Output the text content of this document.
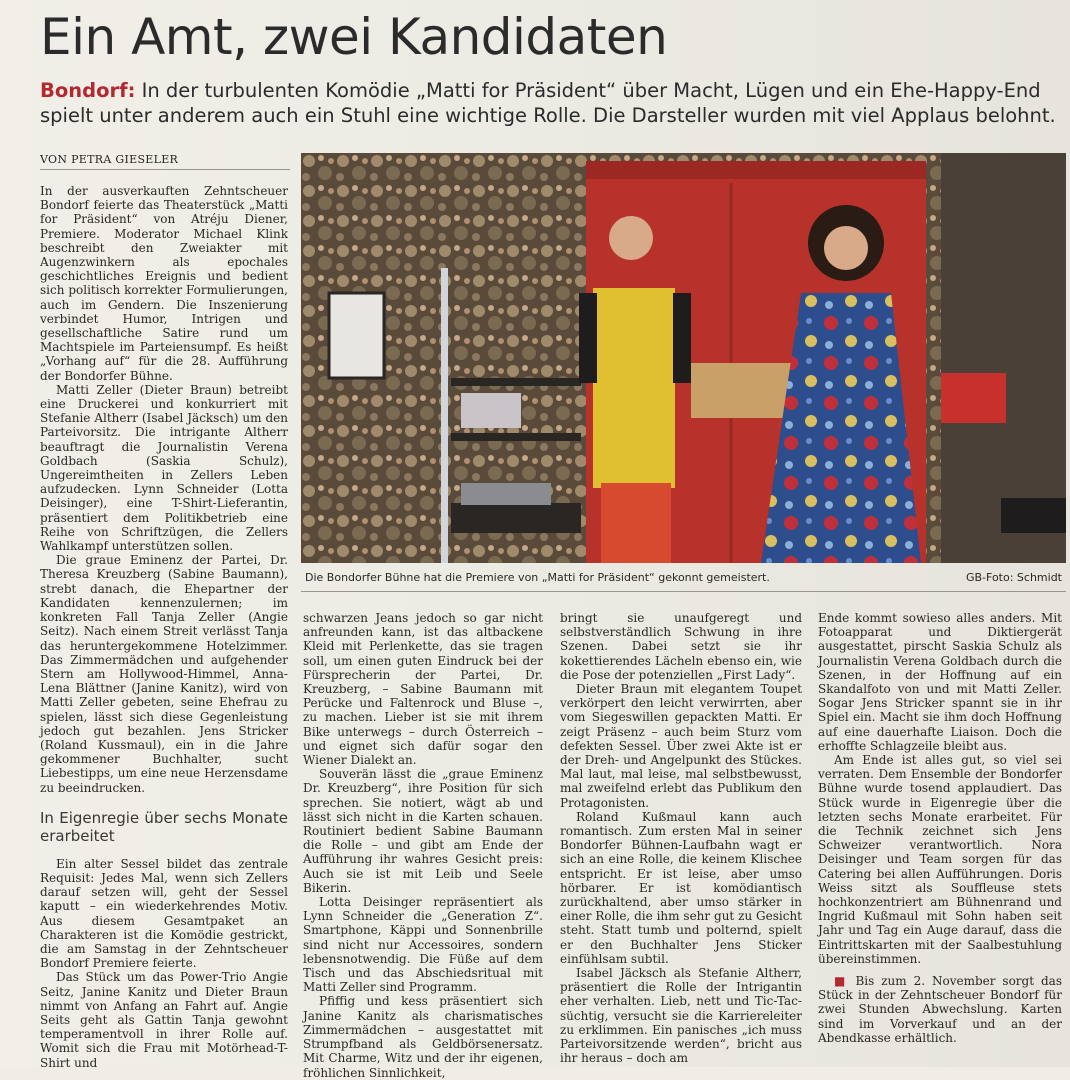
Ein Amt, zwei Kandidaten

Bondorf: In der turbulenten Komödie „Matti for Präsident“ über Macht, Lügen und ein Ehe-Happy-End spielt unter anderem auch ein Stuhl eine wichtige Rolle. Die Darsteller wurden mit viel Applaus belohnt.

VON PETRA GIESELER

In der ausverkauften Zehntscheuer Bondorf feierte das Theaterstück „Matti for Präsident“ von Atréju Diener, Premiere. Moderator Michael Klink beschreibt den Zweiakter mit Augenzwinkern als epochales geschichtliches Ereignis und bedient sich politisch korrekter Formulierungen, auch im Gendern. Die Inszenierung verbindet Humor, Intrigen und gesellschaftliche Satire rund um Machtspiele im Parteiensumpf. Es heißt „Vorhang auf“ für die 28. Aufführung der Bondorfer Bühne.

Matti Zeller (Dieter Braun) betreibt eine Druckerei und konkurriert mit Stefanie Altherr (Isabel Jäcksch) um den Parteivorsitz. Die intrigante Altherr beauftragt die Journalistin Verena Goldbach (Saskia Schulz), Ungereimtheiten in Zellers Leben aufzudecken. Lynn Schneider (Lotta Deisinger), eine T-Shirt-Lieferantin, präsentiert dem Politikbetrieb eine Reihe von Schriftzügen, die Zellers Wahlkampf unterstützen sollen.

Die graue Eminenz der Partei, Dr. Theresa Kreuzberg (Sabine Baumann), strebt danach, die Ehepartner der Kandidaten kennenzulernen; im konkreten Fall Tanja Zeller (Angie Seitz). Nach einem Streit verlässt Tanja das heruntergekommene Hotelzimmer. Das Zimmermädchen und aufgehender Stern am Hollywood-Himmel, Anna-Lena Blättner (Janine Kanitz), wird von Matti Zeller gebeten, seine Ehefrau zu spielen, lässt sich diese Gegenleistung jedoch gut bezahlen. Jens Stricker (Roland Kussmaul), ein in die Jahre gekommener Buchhalter, sucht Liebestipps, um eine neue Herzensdame zu beeindrucken.

In Eigenregie über sechs Monate erarbeitet

Ein alter Sessel bildet das zentrale Requisit: Jedes Mal, wenn sich Zellers darauf setzen will, geht der Sessel kaputt – ein wiederkehrendes Motiv. Aus diesem Gesamtpaket an Charakteren ist die Komödie gestrickt, die am Samstag in der Zehntscheuer Bondorf Premiere feierte.

Das Stück um das Power-Trio Angie Seitz, Janine Kanitz und Dieter Braun nimmt von Anfang an Fahrt auf. Angie Seits geht als Gattin Tanja gewohnt temperamentvoll in ihrer Rolle auf. Womit sich die Frau mit Motörhead-T-Shirt und

Die Bondorfer Bühne hat die Premiere von „Matti for Präsident“ gekonnt gemeistert.	GB-Foto: Schmidt

schwarzen Jeans jedoch so gar nicht anfreunden kann, ist das altbackene Kleid mit Perlenkette, das sie tragen soll, um einen guten Eindruck bei der Fürsprecherin der Partei, Dr. Kreuzberg, – Sabine Baumann mit Perücke und Faltenrock und Bluse –, zu machen. Lieber ist sie mit ihrem Bike unterwegs – durch Österreich – und eignet sich dafür sogar den Wiener Dialekt an.

Souverän lässt die „graue Eminenz Dr. Kreuzberg“, ihre Position für sich sprechen. Sie notiert, wägt ab und lässt sich nicht in die Karten schauen. Routiniert bedient Sabine Baumann die Rolle – und gibt am Ende der Aufführung ihr wahres Gesicht preis: Auch sie ist mit Leib und Seele Bikerin.

Lotta Deisinger repräsentiert als Lynn Schneider die „Generation Z“. Smartphone, Käppi und Sonnenbrille sind nicht nur Accessoires, sondern lebensnotwendig. Die Füße auf dem Tisch und das Abschiedsritual mit Matti Zeller sind Programm.

Pfiffig und kess präsentiert sich Janine Kanitz als charismatisches Zimmermädchen – ausgestattet mit Strumpfband als Geldbörsenersatz. Mit Charme, Witz und der ihr eigenen, fröhlichen Sinnlichkeit,

bringt sie unaufgeregt und selbstverständlich Schwung in ihre Szenen. Dabei setzt sie ihr kokettierendes Lächeln ebenso ein, wie die Pose der potenziellen „First Lady“.

Dieter Braun mit elegantem Toupet verkörpert den leicht verwirrten, aber vom Siegeswillen gepackten Matti. Er zeigt Präsenz – auch beim Sturz vom defekten Sessel. Über zwei Akte ist er der Dreh- und Angelpunkt des Stückes. Mal laut, mal leise, mal selbstbewusst, mal zweifelnd erlebt das Publikum den Protagonisten.

Roland Kußmaul kann auch romantisch. Zum ersten Mal in seiner Bondorfer Bühnen-Laufbahn wagt er sich an eine Rolle, die keinem Klischee entspricht. Er ist leise, aber umso hörbarer. Er ist komödiantisch zurückhaltend, aber umso stärker in einer Rolle, die ihm sehr gut zu Gesicht steht. Statt tumb und polternd, spielt er den Buchhalter Jens Sticker einfühlsam subtil.

Isabel Jäcksch als Stefanie Altherr, präsentiert die Rolle der Intrigantin eher verhalten. Lieb, nett und Tic-Tac-süchtig, versucht sie die Karriereleiter zu erklimmen. Ein panisches „ich muss Parteivorsitzende werden“, bricht aus ihr heraus – doch am

Ende kommt sowieso alles anders. Mit Fotoapparat und Diktiergerät ausgestattet, pirscht Saskia Schulz als Journalistin Verena Goldbach durch die Szenen, in der Hoffnung auf ein Skandalfoto von und mit Matti Zeller. Sogar Jens Stricker spannt sie in ihr Spiel ein. Macht sie ihm doch Hoffnung auf eine dauerhafte Liaison. Doch die erhoffte Schlagzeile bleibt aus.

Am Ende ist alles gut, so viel sei verraten. Dem Ensemble der Bondorfer Bühne wurde tosend applaudiert. Das Stück wurde in Eigenregie über die letzten sechs Monate erarbeitet. Für die Technik zeichnet sich Jens Schweizer verantwortlich. Nora Deisinger und Team sorgen für das Catering bei allen Aufführungen. Doris Weiss sitzt als Souffleuse stets hochkonzentriert am Bühnenrand und Ingrid Kußmaul mit Sohn haben seit Jahr und Tag ein Auge darauf, dass die Eintrittskarten mit der Saalbestuhlung übereinstimmen.

■ Bis zum 2. November sorgt das Stück in der Zehntscheuer Bondorf für zwei Stunden Abwechslung. Karten sind im Vorverkauf und an der Abendkasse erhältlich.
